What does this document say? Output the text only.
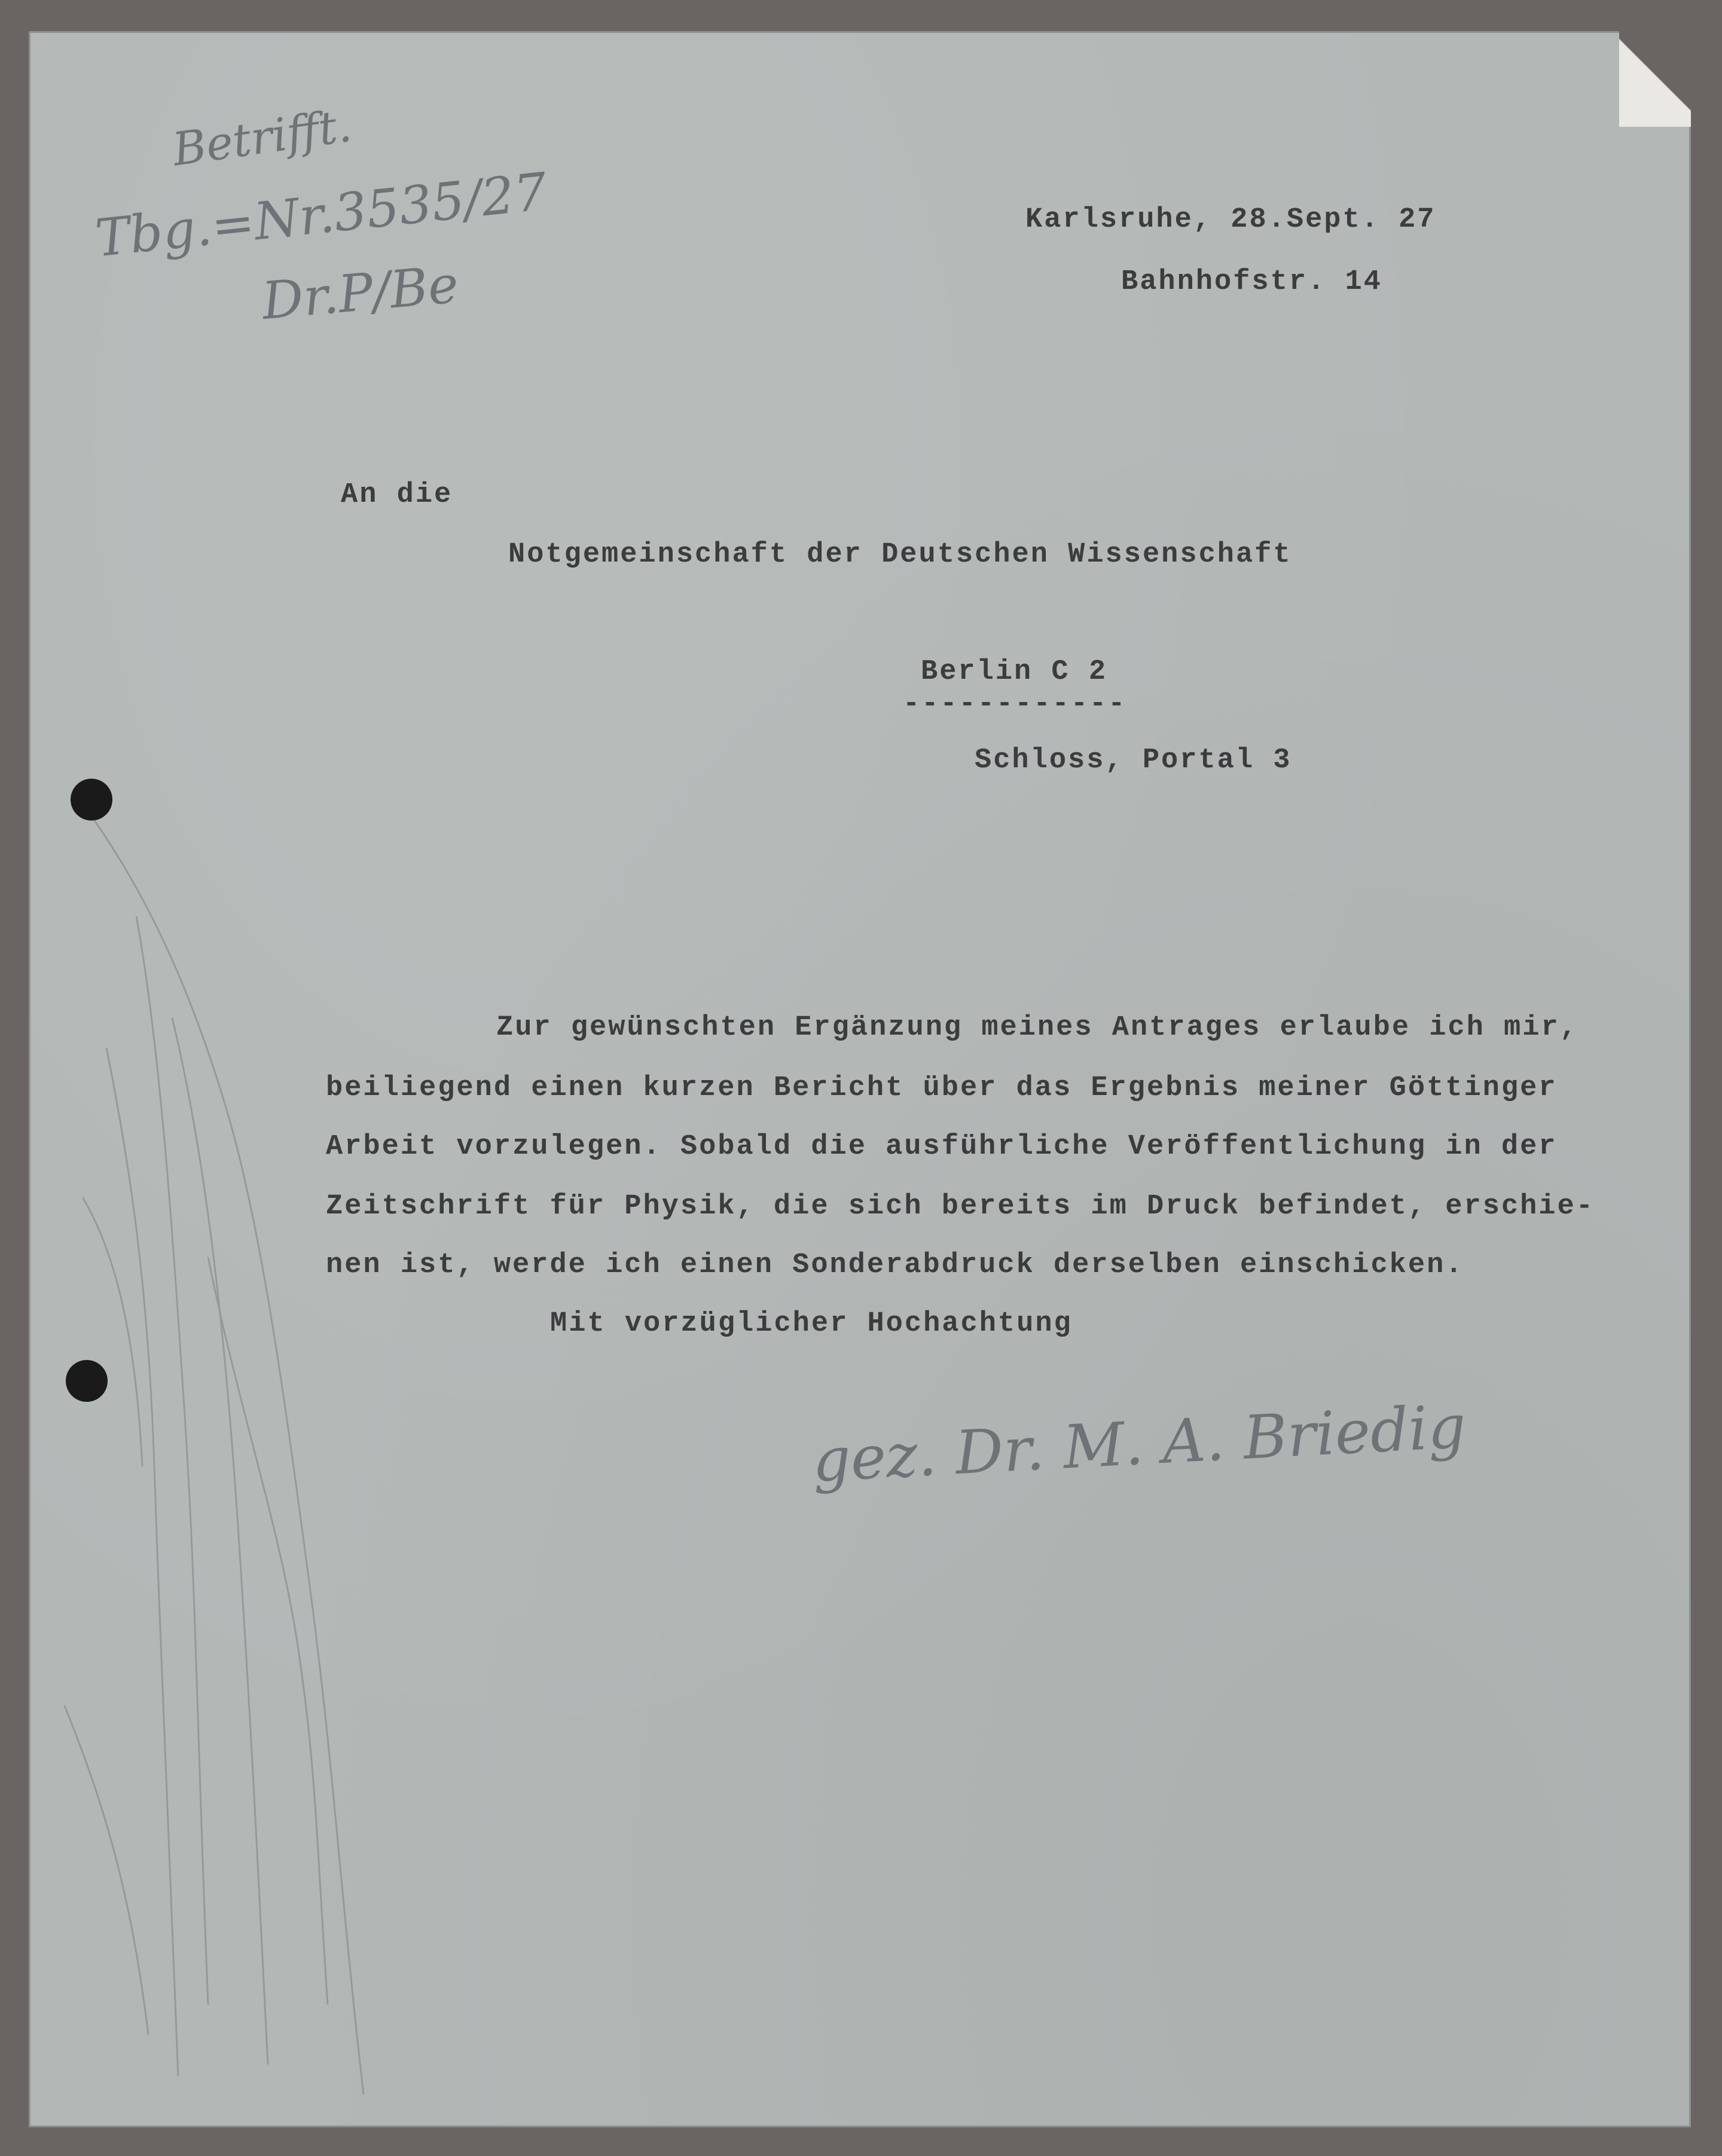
Betrifft.
Tbg.=Nr.3535/27
Dr.P/Be
Karlsruhe, 28.Sept. 27
Bahnhofstr. 14
An die
Notgemeinschaft der Deutschen Wissenschaft
Berlin C 2
------------
Schloss, Portal 3
Zur gewünschten Ergänzung meines Antrages erlaube ich mir,
beiliegend einen kurzen Bericht über das Ergebnis meiner Göttinger
Arbeit vorzulegen. Sobald die ausführliche Veröffentlichung in der
Zeitschrift für Physik, die sich bereits im Druck befindet, erschie-
nen ist, werde ich einen Sonderabdruck derselben einschicken.
Mit vorzüglicher Hochachtung
gez. Dr. M. A. Briedig
